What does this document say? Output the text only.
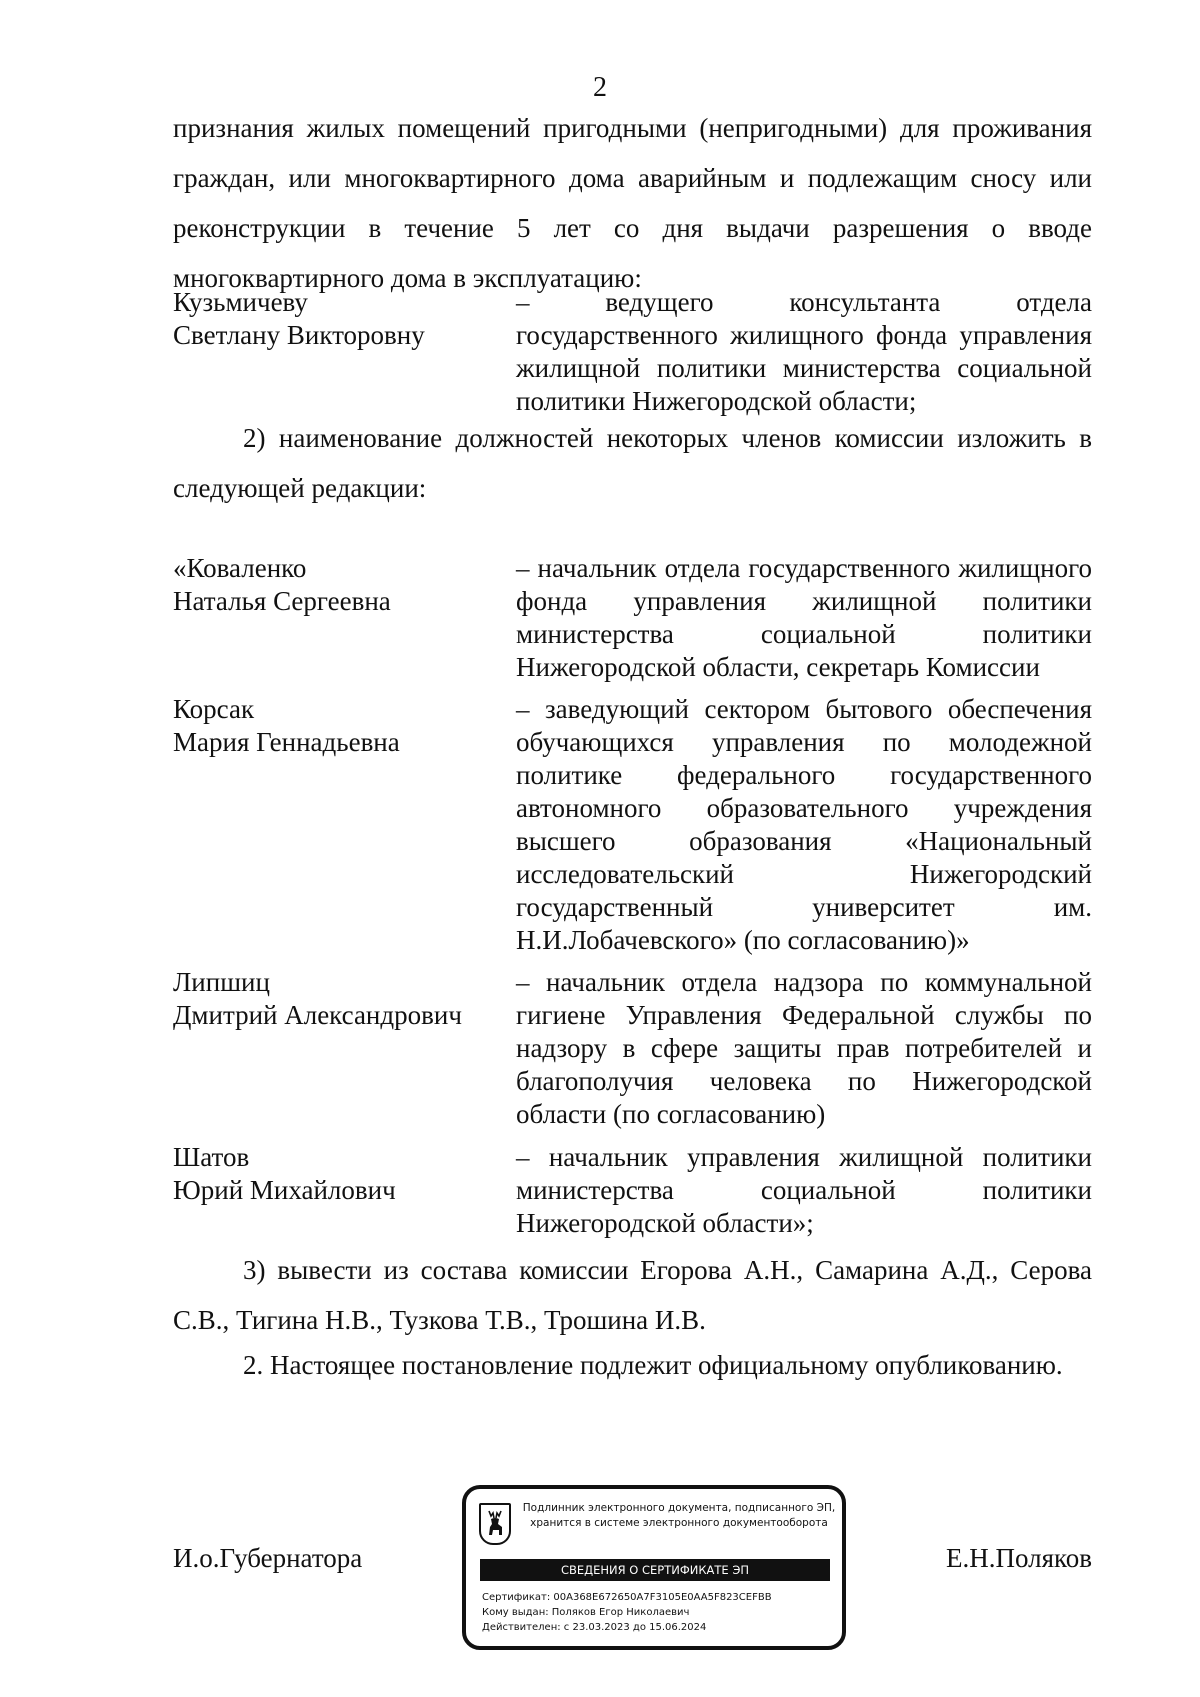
2

признания жилых помещений пригодными (непригодными) для проживания граждан, или многоквартирного дома аварийным и подлежащим сносу или реконструкции в течение 5 лет со дня выдачи разрешения о вводе многоквартирного дома в эксплуатацию:

Кузьмичеву
Светлану Викторовну
– ведущего консультанта отдела государственного жилищного фонда управления жилищной политики министерства социальной политики Нижегородской области;

2) наименование должностей некоторых членов комиссии изложить в следующей редакции:

«Коваленко
Наталья Сергеевна
– начальник отдела государственного жилищного фонда управления жилищной политики министерства социальной политики Нижегородской области, секретарь Комиссии
Корсак
Мария Геннадьевна
– заведующий сектором бытового обеспечения обучающихся управления по молодежной политике федерального государственного автономного образовательного учреждения высшего образования «Национальный исследовательский Нижегородский государственный университет им. Н.И.Лобачевского» (по согласованию)»
Липшиц
Дмитрий Александрович
– начальник отдела надзора по коммунальной гигиене Управления Федеральной службы по надзору в сфере защиты прав потребителей и благополучия человека по Нижегородской области (по согласованию)
Шатов
Юрий Михайлович
– начальник управления жилищной политики министерства социальной политики Нижегородской области»;

3) вывести из состава комиссии Егорова А.Н., Самарина А.Д., Серова С.В., Тигина Н.В., Тузкова Т.В., Трошина И.В.

2. Настоящее постановление подлежит официальному опубликованию.

И.о.Губернатора	Е.Н.Поляков
Подлинник электронного документа, подписанного ЭП,
хранится в системе электронного документооборота
СВЕДЕНИЯ О СЕРТИФИКАТЕ ЭП
Сертификат: 00A368E672650A7F3105E0AA5F823CEFBB
Кому выдан: Поляков Егор Николаевич
Действителен: с 23.03.2023 до 15.06.2024
